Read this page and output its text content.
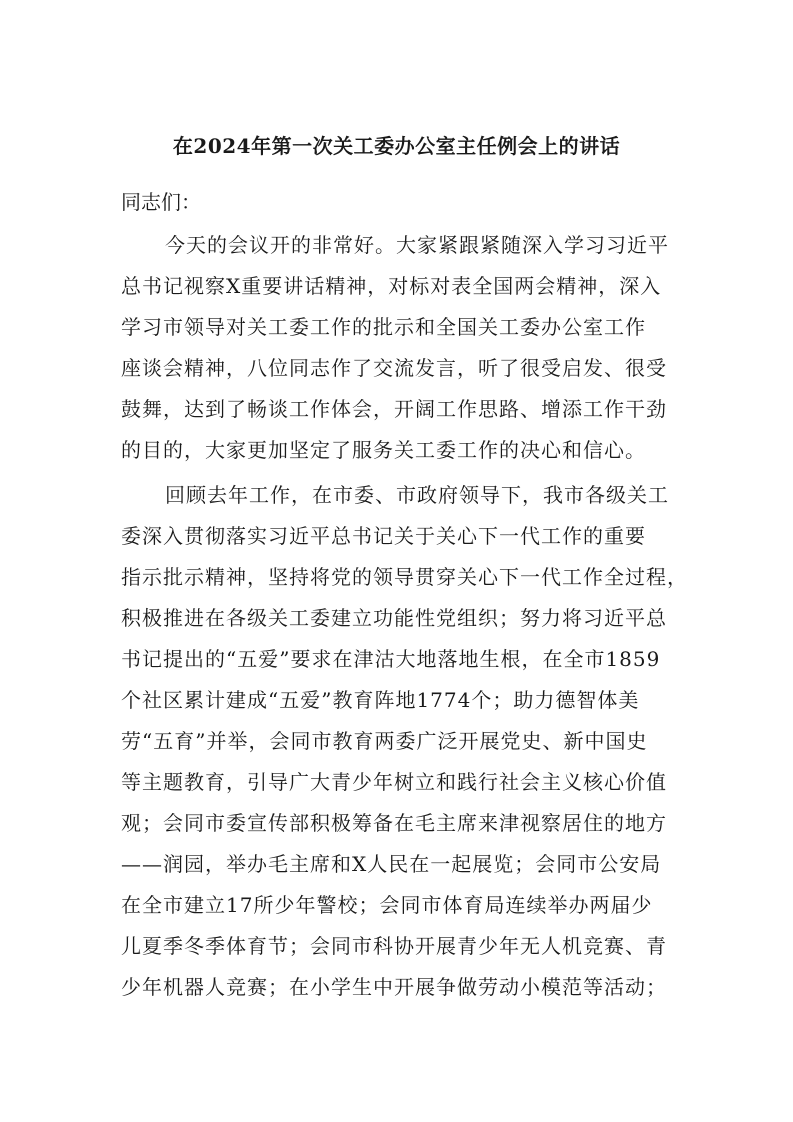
在2024年第一次关工委办公室主任例会上的讲话
同志们：
今天的会议开的非常好。大家紧跟紧随深入学习习近平
总书记视察X重要讲话精神，对标对表全国两会精神，深入
学习市领导对关工委工作的批示和全国关工委办公室工作
座谈会精神，八位同志作了交流发言，听了很受启发、很受
鼓舞，达到了畅谈工作体会，开阔工作思路、增添工作干劲
的目的，大家更加坚定了服务关工委工作的决心和信心。
回顾去年工作，在市委、市政府领导下，我市各级关工
委深入贯彻落实习近平总书记关于关心下一代工作的重要
指示批示精神，坚持将党的领导贯穿关心下一代工作全过程，
积极推进在各级关工委建立功能性党组织；努力将习近平总
书记提出的“五爱”要求在津沽大地落地生根，在全市1859
个社区累计建成“五爱”教育阵地1774个；助力德智体美
劳“五育”并举，会同市教育两委广泛开展党史、新中国史
等主题教育，引导广大青少年树立和践行社会主义核心价值
观；会同市委宣传部积极筹备在毛主席来津视察居住的地方
——润园，举办毛主席和X人民在一起展览；会同市公安局
在全市建立17所少年警校；会同市体育局连续举办两届少
儿夏季冬季体育节；会同市科协开展青少年无人机竞赛、青
少年机器人竞赛；在小学生中开展争做劳动小模范等活动；
